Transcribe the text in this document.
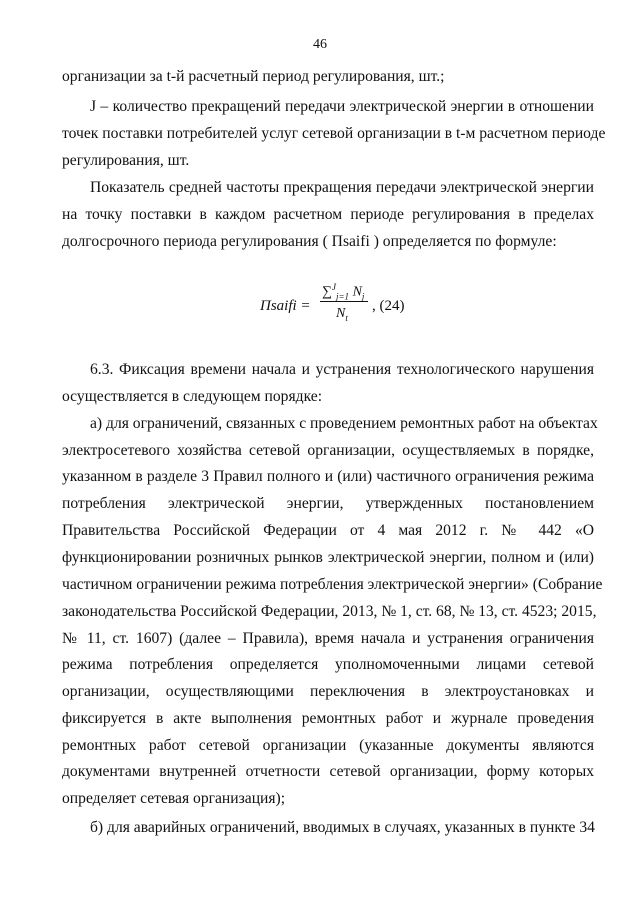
46
организации за t-й расчетный период регулирования, шт.;
J – количество прекращений передачи электрической энергии в отношении
точек поставки потребителей услуг сетевой организации в t-м расчетном периоде
регулирования, шт.
Показатель средней частоты прекращения передачи электрической энергии
на точку поставки в каждом расчетном периоде регулирования в пределах
долгосрочного периода регулирования ( Пsaifi ) определяется по формуле:
Пsaifi =
∑$^J_{j=1}$ $N_j$
$N_t$
, (24)
6.3. Фиксация времени начала и устранения технологического нарушения
осуществляется в следующем порядке:
а) для ограничений, связанных с проведением ремонтных работ на объектах
электросетевого хозяйства сетевой организации, осуществляемых в порядке,
указанном в разделе 3 Правил полного и (или) частичного ограничения режима
потребления электрической энергии, утвержденных постановлением
Правительства Российской Федерации от 4 мая 2012 г. № 442 «О
функционировании розничных рынков электрической энергии, полном и (или)
частичном ограничении режима потребления электрической энергии» (Собрание
законодательства Российской Федерации, 2013, № 1, ст. 68, № 13, ст. 4523; 2015,
№ 11, ст. 1607) (далее – Правила), время начала и устранения ограничения
режима потребления определяется уполномоченными лицами сетевой
организации, осуществляющими переключения в электроустановках и
фиксируется в акте выполнения ремонтных работ и журнале проведения
ремонтных работ сетевой организации (указанные документы являются
документами внутренней отчетности сетевой организации, форму которых
определяет сетевая организация);
б) для аварийных ограничений, вводимых в случаях, указанных в пункте 34
